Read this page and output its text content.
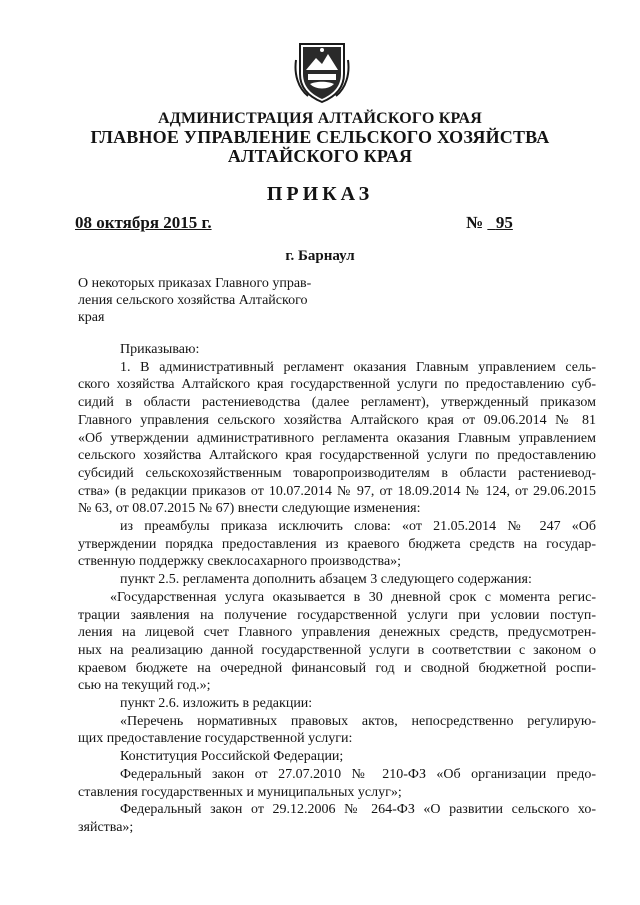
АДМИНИСТРАЦИЯ АЛТАЙСКОГО КРАЯ
ГЛАВНОЕ УПРАВЛЕНИЕ СЕЛЬСКОГО ХОЗЯЙСТВА
АЛТАЙСКОГО КРАЯ
ПРИКАЗ
08 октября 2015 г.	№ 95
г. Барнаул
О некоторых приказах Главного управ-
ления сельского хозяйства Алтайского
края
Приказываю:
1. В административный регламент оказания Главным управлением сель-
ского хозяйства Алтайского края государственной услуги по предоставлению суб-
сидий в области растениеводства (далее регламент), утвержденный приказом
Главного управления сельского хозяйства Алтайского края от 09.06.2014 № 81
«Об утверждении административного регламента оказания Главным управлением
сельского хозяйства Алтайского края государственной услуги по предоставлению
субсидий сельскохозяйственным товаропроизводителям в области растениевод-
ства» (в редакции приказов от 10.07.2014 № 97, от 18.09.2014 № 124, от 29.06.2015
№ 63, от 08.07.2015 № 67) внести следующие изменения:
из преамбулы приказа исключить слова: «от 21.05.2014 № 247 «Об
утверждении порядка предоставления из краевого бюджета средств на государ-
ственную поддержку свеклосахарного производства»;
пункт 2.5. регламента дополнить абзацем 3 следующего содержания:
«Государственная услуга оказывается в 30 дневной срок с момента регис-
трации заявления на получение государственной услуги при условии поступ-
ления на лицевой счет Главного управления денежных средств, предусмотрен-
ных на реализацию данной государственной услуги в соответствии с законом о
краевом бюджете на очередной финансовый год и сводной бюджетной роспи-
сью на текущий год.»;
пункт 2.6. изложить в редакции:
«Перечень нормативных правовых актов, непосредственно регулирую-
щих предоставление государственной услуги:
Конституция Российской Федерации;
Федеральный закон от 27.07.2010 № 210-ФЗ «Об организации предо-
ставления государственных и муниципальных услуг»;
Федеральный закон от 29.12.2006 № 264-ФЗ «О развитии сельского хо-
зяйства»;
